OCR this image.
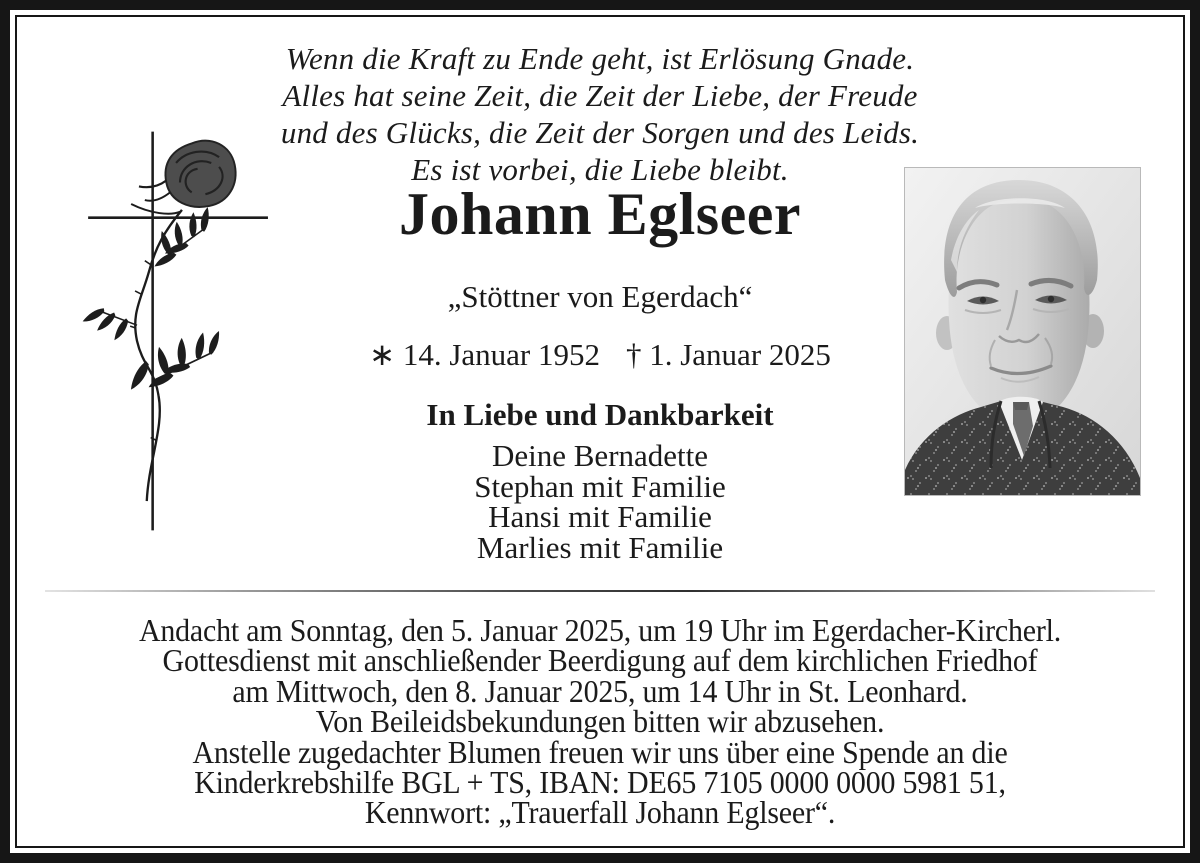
Wenn die Kraft zu Ende geht, ist Erlösung Gnade.
Alles hat seine Zeit, die Zeit der Liebe, der Freude
und des Glücks, die Zeit der Sorgen und des Leids.
Es ist vorbei, die Liebe bleibt.
Johann Eglseer
„Stöttner von Egerdach“
∗ 14. Januar 1952 † 1. Januar 2025
In Liebe und Dankbarkeit
Deine Bernadette
Stephan mit Familie
Hansi mit Familie
Marlies mit Familie
Andacht am Sonntag, den 5. Januar 2025, um 19 Uhr im Egerdacher-Kircherl.
Gottesdienst mit anschließender Beerdigung auf dem kirchlichen Friedhof
am Mittwoch, den 8. Januar 2025, um 14 Uhr in St. Leonhard.
Von Beileidsbekundungen bitten wir abzusehen.
Anstelle zugedachter Blumen freuen wir uns über eine Spende an die
Kinderkrebshilfe BGL + TS, IBAN: DE65 7105 0000 0000 5981 51,
Kennwort: „Trauerfall Johann Eglseer“.
